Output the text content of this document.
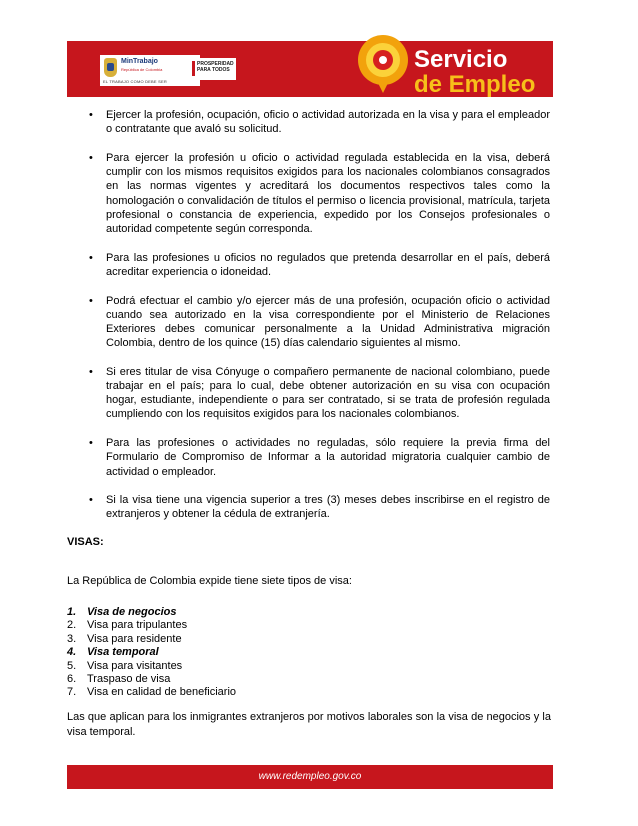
MinTrabajo
República de Colombia
EL TRABAJO COMO DEBE SER
PROSPERIDAD PARA TODOS	Servicio
de Empleo
• Ejercer la profesión, ocupación, oficio o actividad autorizada en la visa y para el empleador o contratante que avaló su solicitud.
• Para ejercer la profesión u oficio o actividad regulada establecida en la visa, deberá cumplir con los mismos requisitos exigidos para los nacionales colombianos consagrados en las normas vigentes y acreditará los documentos respectivos tales como la homologación o convalidación de títulos el permiso o licencia provisional, matrícula, tarjeta profesional o constancia de experiencia, expedido por los Consejos profesionales o autoridad competente según corresponda.
• Para las profesiones u oficios no regulados que pretenda desarrollar en el país, deberá acreditar experiencia o idoneidad.
• Podrá efectuar el cambio y/o ejercer más de una profesión, ocupación oficio o actividad cuando sea autorizado en la visa correspondiente por el Ministerio de Relaciones Exteriores debes comunicar personalmente a la Unidad Administrativa migración Colombia, dentro de los quince (15) días calendario siguientes al mismo.
• Si eres titular de visa Cónyuge o compañero permanente de nacional colombiano, puede trabajar en el país; para lo cual, debe obtener autorización en su visa con ocupación hogar, estudiante, independiente o para ser contratado, si se trata de profesión regulada cumpliendo con los requisitos exigidos para los nacionales colombianos.
• Para las profesiones o actividades no reguladas, sólo requiere la previa firma del Formulario de Compromiso de Informar a la autoridad migratoria cualquier cambio de actividad o empleador.
• Si la visa tiene una vigencia superior a tres (3) meses debes inscribirse en el registro de extranjeros y obtener la cédula de extranjería.
VISAS:
La República de Colombia expide tiene siete tipos de visa:
1. Visa de negocios
2. Visa para tripulantes
3. Visa para residente
4. Visa temporal
5. Visa para visitantes
6. Traspaso de visa
7. Visa en calidad de beneficiario
Las que aplican para los inmigrantes extranjeros por motivos laborales son la visa de negocios y la visa temporal.
www.redempleo.gov.co
